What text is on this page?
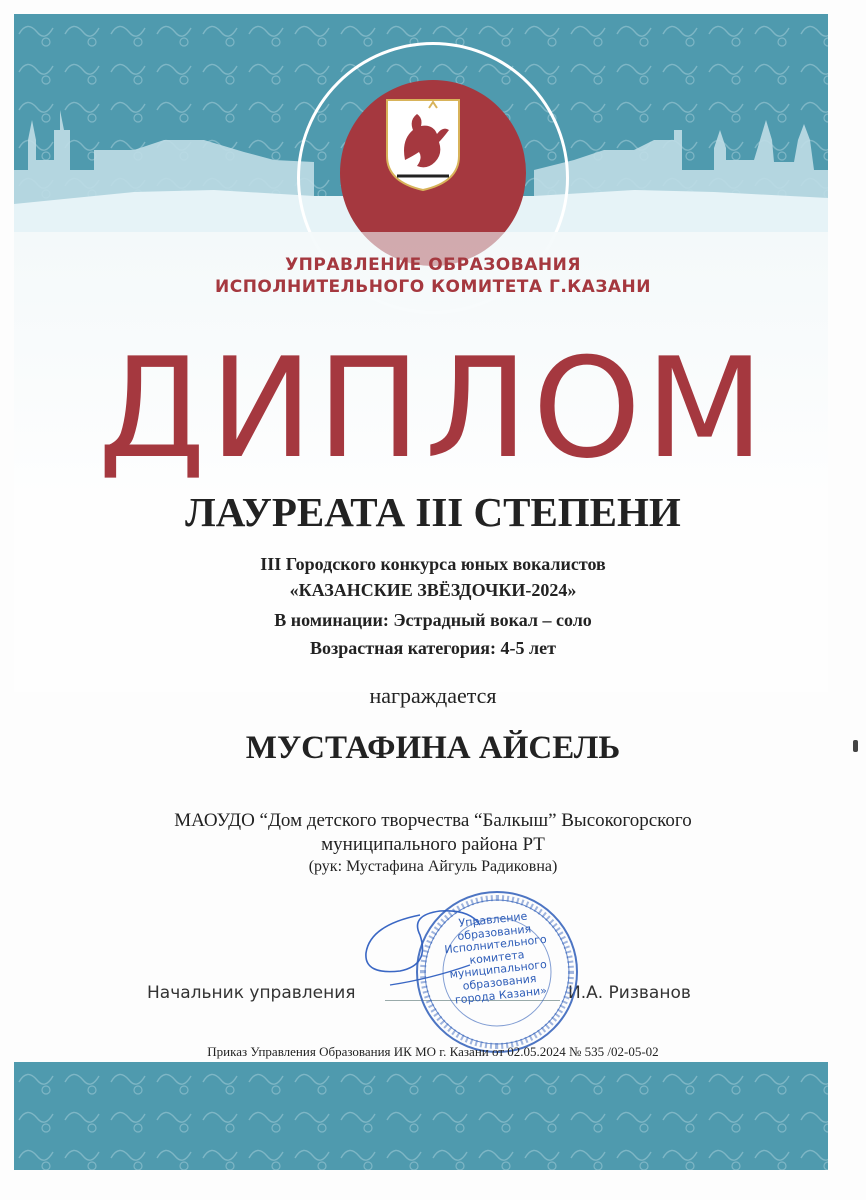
УПРАВЛЕНИЕ ОБРАЗОВАНИЯ
ИСПОЛНИТЕЛЬНОГО КОМИТЕТА Г.КАЗАНИ
ДИПЛОМ
ЛАУРЕАТА III СТЕПЕНИ
III Городского конкурса юных вокалистов
«КАЗАНСКИЕ ЗВЁЗДОЧКИ-2024»
В номинации: Эстрадный вокал – соло
Возрастная категория: 4-5 лет
награждается
МУСТАФИНА АЙСЕЛЬ
МАОУДО “Дом детского творчества “Балкыш” Высокогорского
муниципального района РТ
(рук: Мустафина Айгуль Радиковна)
Начальник управления	И.А. Ризванов
Управление образования Исполнительного комитета муниципального образования города Казани»
Приказ Управления Образования ИК МО г. Казани от 02.05.2024 № 535 /02-05-02
